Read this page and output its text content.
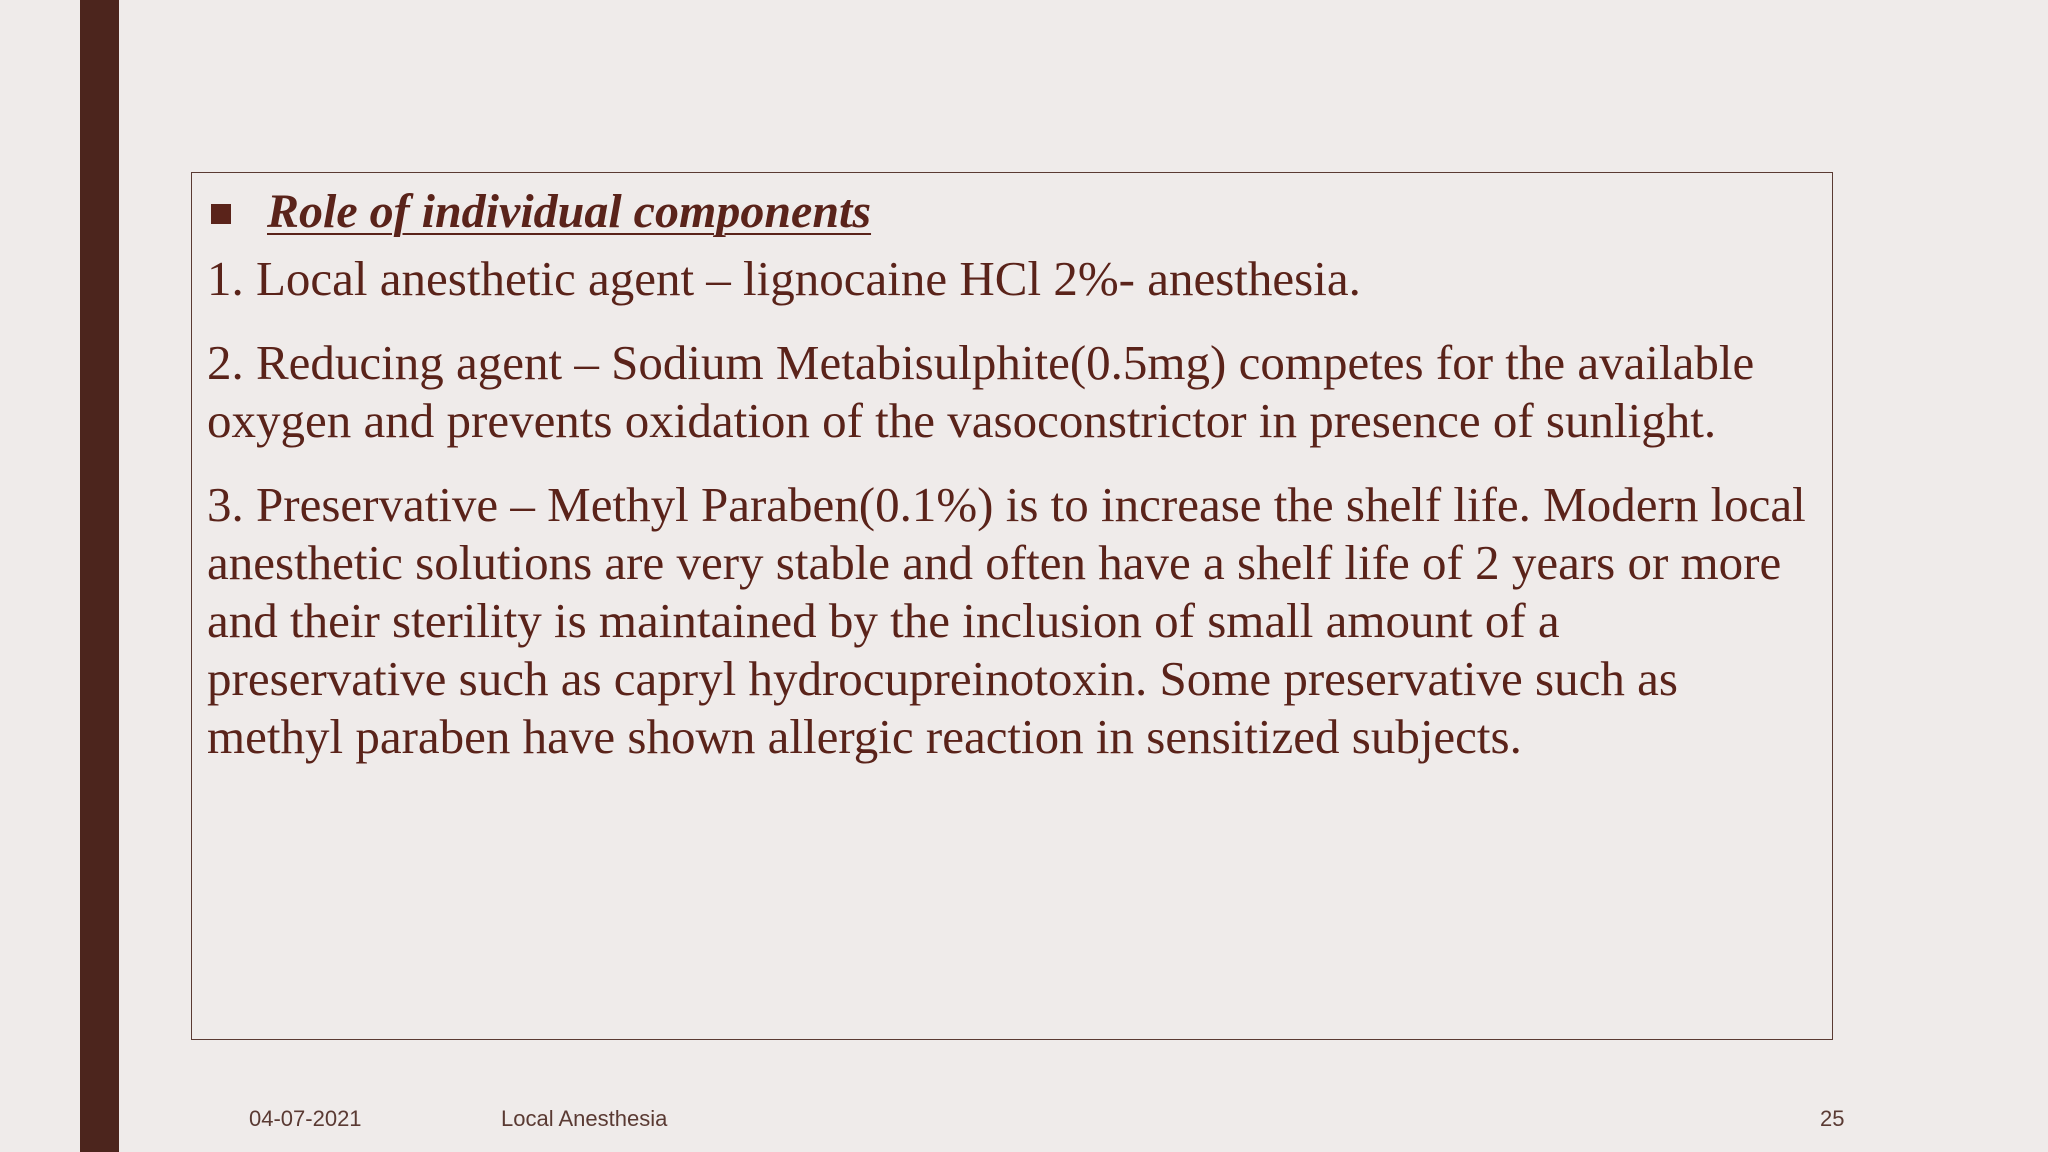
Role of individual components

1. Local anesthetic agent – lignocaine HCl 2%- anesthesia.

2. Reducing agent – Sodium Metabisulphite(0.5mg) competes for the available oxygen and prevents oxidation of the vasoconstrictor in presence of sunlight.

3. Preservative – Methyl Paraben(0.1%) is to increase the shelf life. Modern local anesthetic solutions are very stable and often have a shelf life of 2 years or more and their sterility is maintained by the inclusion of small amount of a preservative such as capryl hydrocupreinotoxin. Some preservative such as methyl paraben have shown allergic reaction in sensitized subjects.

04-07-2021	Local Anesthesia	25
